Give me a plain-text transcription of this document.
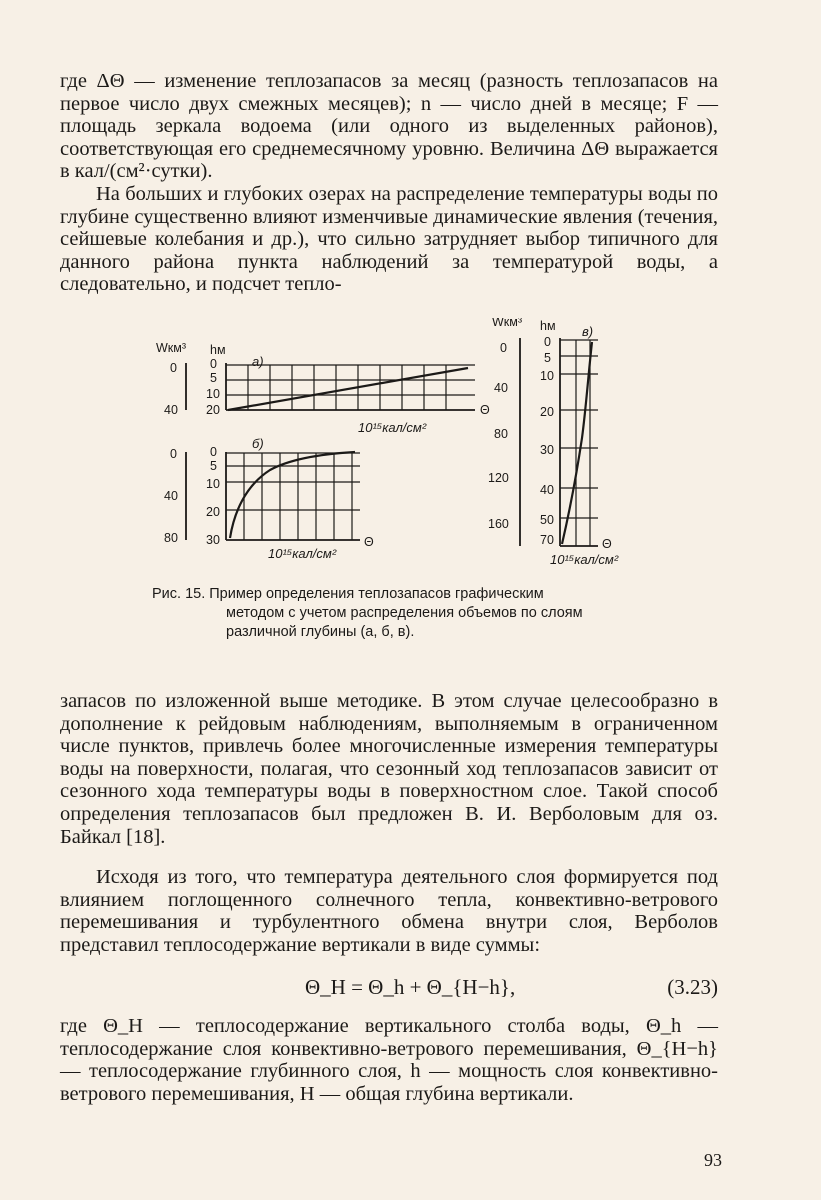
где ΔΘ — изменение теплозапасов за месяц (разность теплозапасов на первое число двух смежных месяцев); n — число дней в месяце; F — площадь зеркала водоема (или одного из выделенных районов), соответствующая его среднемесячному уровню. Величина ΔΘ выражается в кал/(см²·сутки).

На больших и глубоких озерах на распределение температуры воды по глубине существенно влияют изменчивые динамические явления (течения, сейшевые колебания и др.), что сильно затрудняет выбор типичного для данного района пункта наблюдений за температурой воды, а следовательно, и подсчет тепло-

Wкм³ hм
а)
0
40
0
5
10
20	Θ
10¹⁵кал/см²
б)
0
40
80
0
5
10
20
30	Θ
10¹⁵кал/см²
Wкм³ hм в)
0
40
80
120
160
0
5
10
20
30
40
50
70	Θ
10¹⁵кал/см²
Рис. 15. Пример определения теплозапасов графическим
методом с учетом распределения объемов по слоям
различной глубины (а, б, в).

запасов по изложенной выше методике. В этом случае целесообразно в дополнение к рейдовым наблюдениям, выполняемым в ограниченном числе пунктов, привлечь более многочисленные измерения температуры воды на поверхности, полагая, что сезонный ход теплозапасов зависит от сезонного хода температуры воды в поверхностном слое. Такой способ определения теплозапасов был предложен В. И. Верболовым для оз. Байкал [18].

Исходя из того, что температура деятельного слоя формируется под влиянием поглощенного солнечного тепла, конвективно-ветрового перемешивания и турбулентного обмена внутри слоя, Верболов представил теплосодержание вертикали в виде суммы:

Θ_H = Θ_h + Θ_{H−h},	(3.23)

где Θ_H — теплосодержание вертикального столба воды, Θ_h — теплосодержание слоя конвективно-ветрового перемешивания, Θ_{H−h} — теплосодержание глубинного слоя, h — мощность слоя конвективно-ветрового перемешивания, H — общая глубина вертикали.

93
